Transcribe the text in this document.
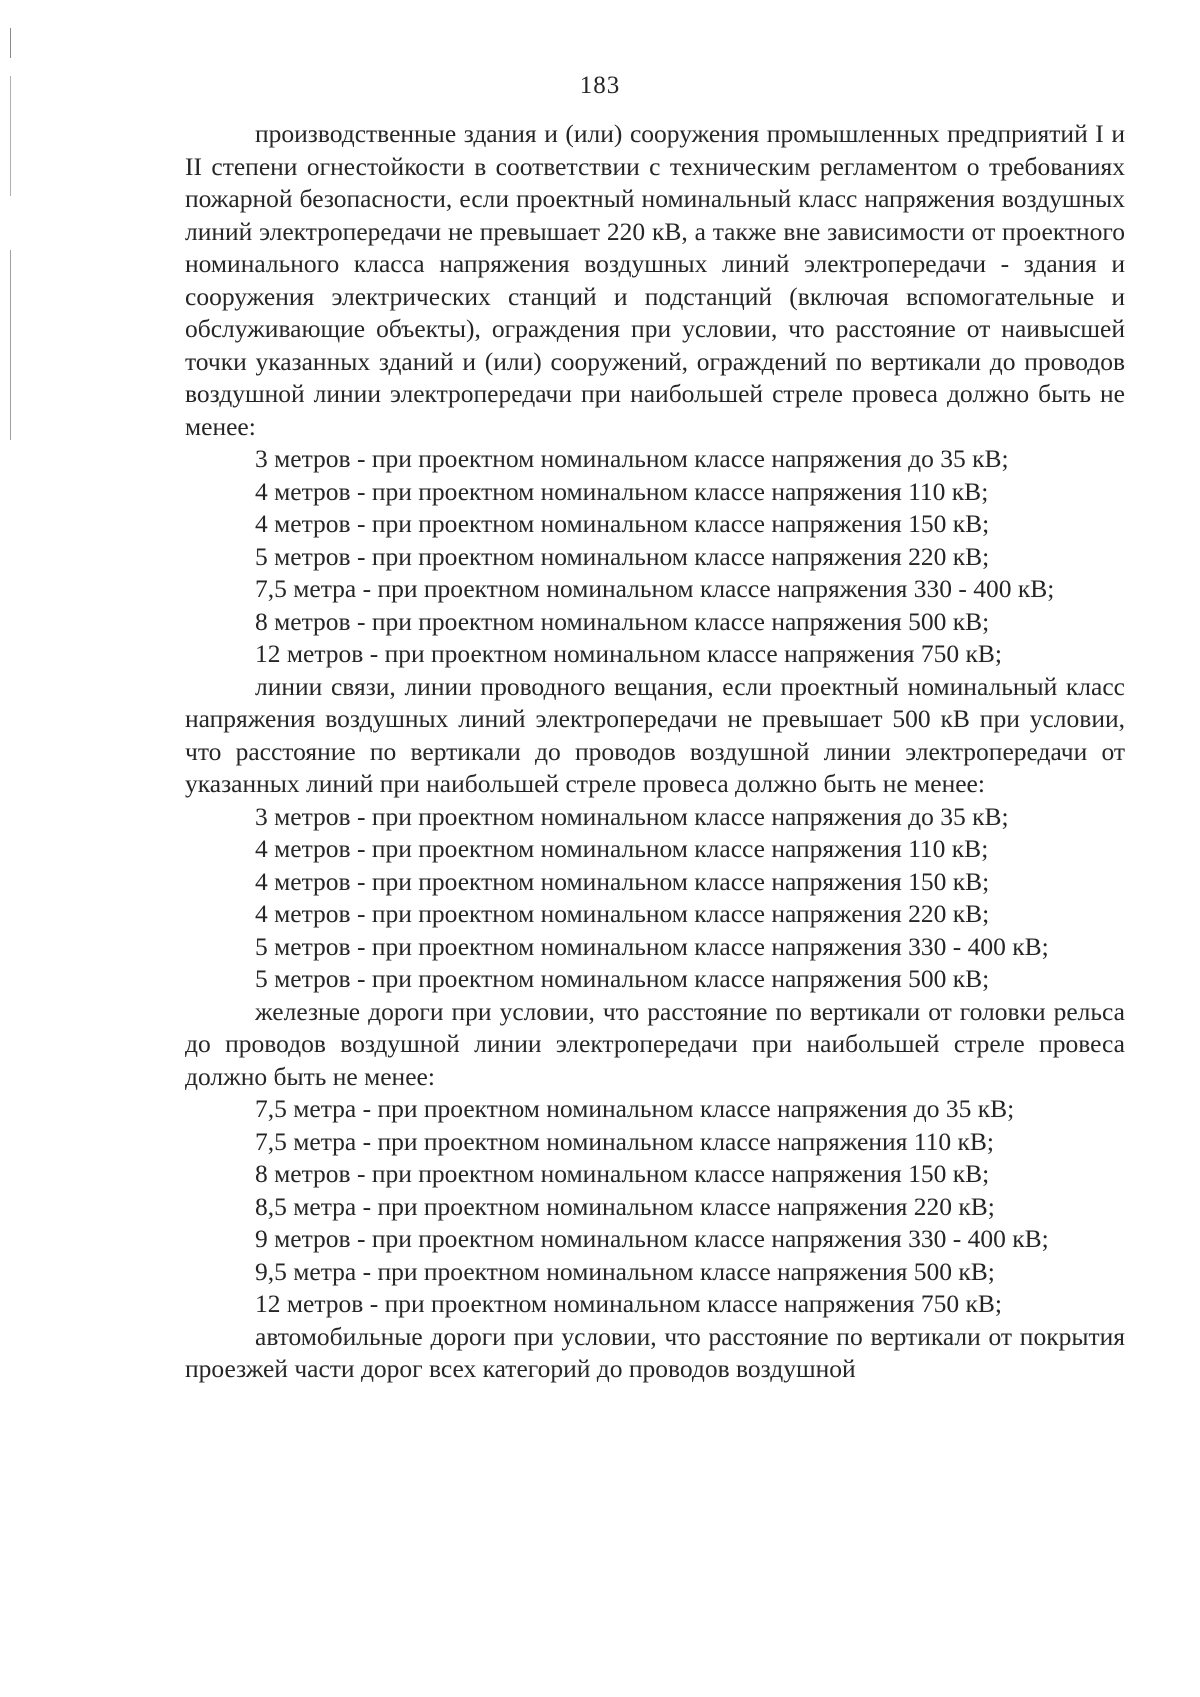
183

производственные здания и (или) сооружения промышленных предприятий I и II степени огнестойкости в соответствии с техническим регламентом о требованиях пожарной безопасности, если проектный номинальный класс напряжения воздушных линий электропередачи не превышает 220 кВ, а также вне зависимости от проектного номинального класса напряжения воздушных линий электропередачи - здания и сооружения электрических станций и подстанций (включая вспомогательные и обслуживающие объекты), ограждения при условии, что расстояние от наивысшей точки указанных зданий и (или) сооружений, ограждений по вертикали до проводов воздушной линии электропередачи при наибольшей стреле провеса должно быть не менее:

3 метров - при проектном номинальном классе напряжения до 35 кВ;

4 метров - при проектном номинальном классе напряжения 110 кВ;

4 метров - при проектном номинальном классе напряжения 150 кВ;

5 метров - при проектном номинальном классе напряжения 220 кВ;

7,5 метра - при проектном номинальном классе напряжения 330 - 400 кВ;

8 метров - при проектном номинальном классе напряжения 500 кВ;

12 метров - при проектном номинальном классе напряжения 750 кВ;

линии связи, линии проводного вещания, если проектный номинальный класс напряжения воздушных линий электропередачи не превышает 500 кВ при условии, что расстояние по вертикали до проводов воздушной линии электропередачи от указанных линий при наибольшей стреле провеса должно быть не менее:

3 метров - при проектном номинальном классе напряжения до 35 кВ;

4 метров - при проектном номинальном классе напряжения 110 кВ;

4 метров - при проектном номинальном классе напряжения 150 кВ;

4 метров - при проектном номинальном классе напряжения 220 кВ;

5 метров - при проектном номинальном классе напряжения 330 - 400 кВ;

5 метров - при проектном номинальном классе напряжения 500 кВ;

железные дороги при условии, что расстояние по вертикали от головки рельса до проводов воздушной линии электропередачи при наибольшей стреле провеса должно быть не менее:

7,5 метра - при проектном номинальном классе напряжения до 35 кВ;

7,5 метра - при проектном номинальном классе напряжения 110 кВ;

8 метров - при проектном номинальном классе напряжения 150 кВ;

8,5 метра - при проектном номинальном классе напряжения 220 кВ;

9 метров - при проектном номинальном классе напряжения 330 - 400 кВ;

9,5 метра - при проектном номинальном классе напряжения 500 кВ;

12 метров - при проектном номинальном классе напряжения 750 кВ;

автомобильные дороги при условии, что расстояние по вертикали от покрытия проезжей части дорог всех категорий до проводов воздушной
